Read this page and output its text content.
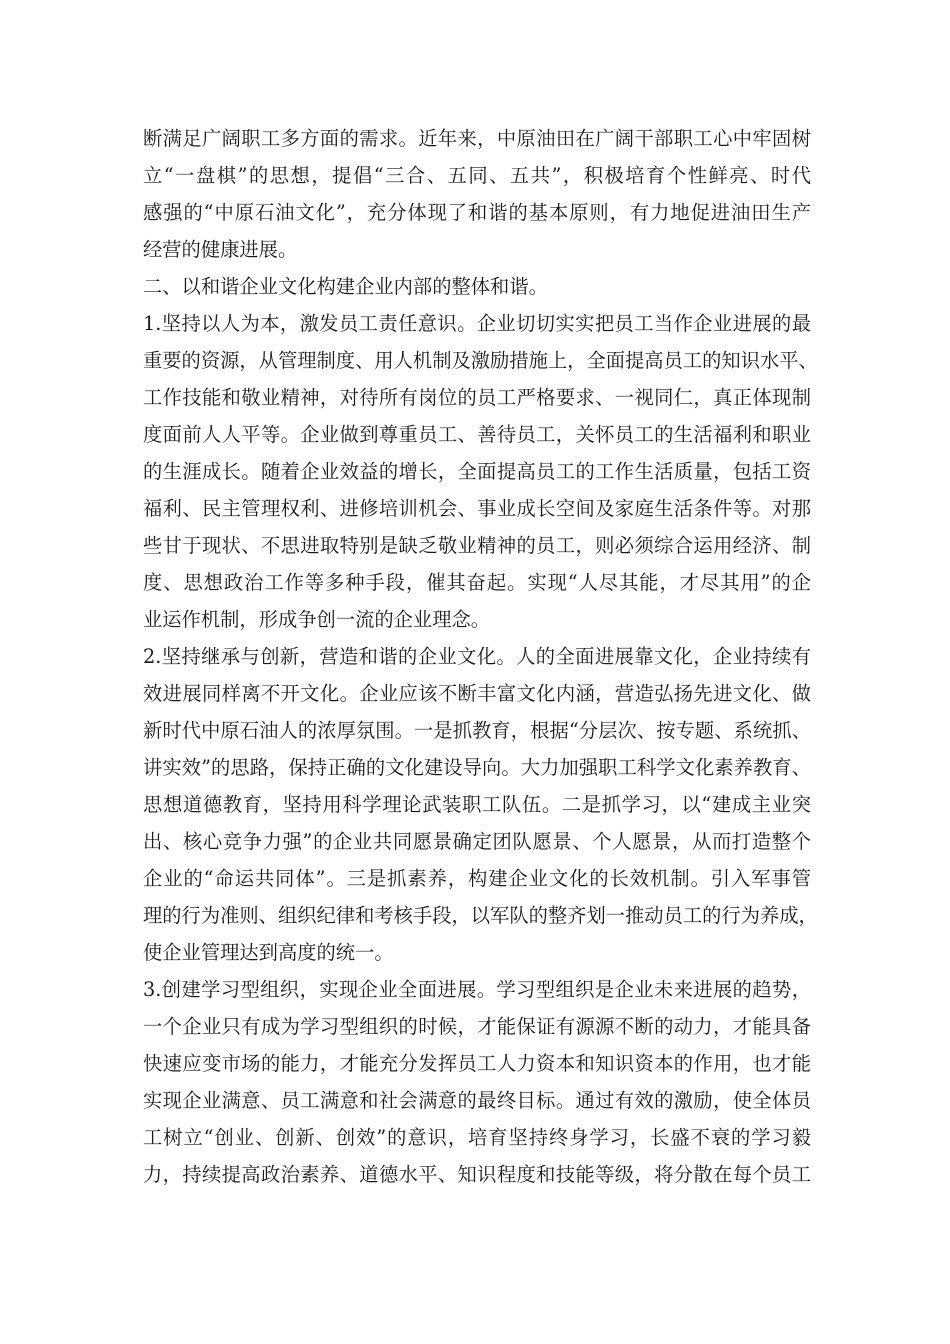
断满足广阔职工多方面的需求。近年来，中原油田在广阔干部职工心中牢固树
立“一盘棋”的思想，提倡“三合、五同、五共”，积极培育个性鲜亮、时代
感强的“中原石油文化”，充分体现了和谐的基本原则，有力地促进油田生产
经营的健康进展。
二、以和谐企业文化构建企业内部的整体和谐。
1.坚持以人为本，激发员工责任意识。企业切切实实把员工当作企业进展的最
重要的资源，从管理制度、用人机制及激励措施上，全面提高员工的知识水平、
工作技能和敬业精神，对待所有岗位的员工严格要求、一视同仁，真正体现制
度面前人人平等。企业做到尊重员工、善待员工，关怀员工的生活福利和职业
的生涯成长。随着企业效益的增长，全面提高员工的工作生活质量，包括工资
福利、民主管理权利、进修培训机会、事业成长空间及家庭生活条件等。对那
些甘于现状、不思进取特别是缺乏敬业精神的员工，则必须综合运用经济、制
度、思想政治工作等多种手段，催其奋起。实现“人尽其能，才尽其用”的企
业运作机制，形成争创一流的企业理念。
2.坚持继承与创新，营造和谐的企业文化。人的全面进展靠文化，企业持续有
效进展同样离不开文化。企业应该不断丰富文化内涵，营造弘扬先进文化、做
新时代中原石油人的浓厚氛围。一是抓教育，根据“分层次、按专题、系统抓、
讲实效”的思路，保持正确的文化建设导向。大力加强职工科学文化素养教育、
思想道德教育，坚持用科学理论武装职工队伍。二是抓学习，以“建成主业突
出、核心竞争力强”的企业共同愿景确定团队愿景、个人愿景，从而打造整个
企业的“命运共同体”。三是抓素养，构建企业文化的长效机制。引入军事管
理的行为准则、组织纪律和考核手段，以军队的整齐划一推动员工的行为养成，
使企业管理达到高度的统一。
3.创建学习型组织，实现企业全面进展。学习型组织是企业未来进展的趋势，
一个企业只有成为学习型组织的时候，才能保证有源源不断的动力，才能具备
快速应变市场的能力，才能充分发挥员工人力资本和知识资本的作用，也才能
实现企业满意、员工满意和社会满意的最终目标。通过有效的激励，使全体员
工树立“创业、创新、创效”的意识，培育坚持终身学习，长盛不衰的学习毅
力，持续提高政治素养、道德水平、知识程度和技能等级，将分散在每个员工
